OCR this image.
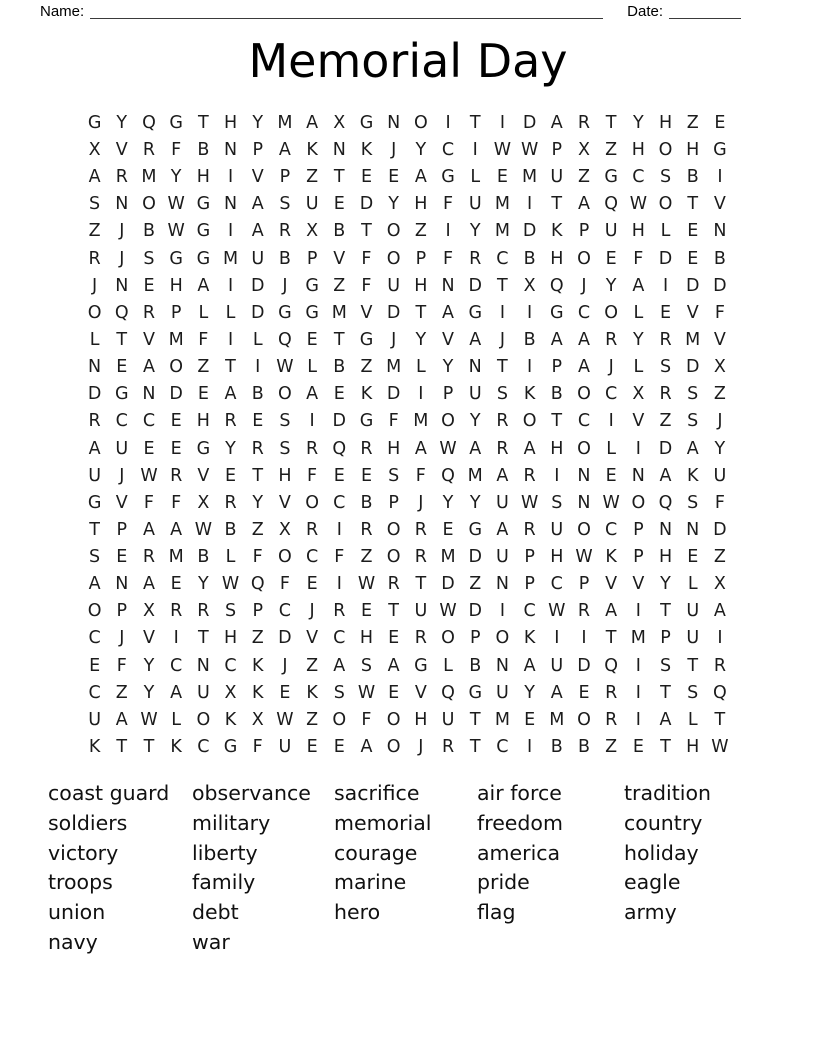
Name:	Date:
Memorial Day
G Y Q G T H Y M A X G N O	I	T	I	D A R T Y H Z E
X V R F B N P A K N K	J	Y C	I W W P X Z H O H G
A R M Y H	I	V P Z T E E A G L E M U Z G C S B	I
S N O W G N A S U E D Y H F U M I	T A Q W O T V
Z	J	B W G	I	A R X B T O Z	I	Y M D K P U H L E N
R	J	S G G M U B P V F O P F R C B H O E F D E B
J	N E H A	I	D	J	G Z F U H N D T X Q	J	Y A	I	D D
O Q R P L L D G G M V D T A G	I	I	G C O L E V F
L T V M F	I	L Q E T G	J	Y V A	J	B A A R Y R M V
N E A O Z T	I W L B Z M L Y N T	I	P A	J	L S D X
D G N D E A B O A E K D	I	P U S K B O C X R S Z
R C C E H R E S	I	D G F M O Y R O T C	I	V Z S	J
A U E E G Y R S R Q R H A W A R A H O L	I	D A Y
U	J W R V E T H F E E S F Q M A R	I	N E N A K U
G V F F X R Y V O C B P	J	Y Y U W S N W O Q S F
T P A A W B Z X R	I	R O R E G A R U O C P N N D
S E R M B L F O C F Z O R M D U P H W K P H E Z
A N A E Y W Q F E	I W R T D Z N P C P V V Y L X
O P X R R S P C	J	R E T U W D	I	C W R A	I	T U A
C	J	V	I	T H Z D V C H E R O P O K	I	I	T M P U	I
E F Y C N C K	J	Z A S A G L B N A U D Q	I	S T R
C Z Y A U X K E K S W E V Q G U Y A E R	I	T S Q
U A W L O K X W Z O F O H U T M E M O R	I	A L T
K T T K C G F U E E A O	J	R T C	I	B B Z E T H W
coast guard
soldiers
victory
troops
union
navy
observance
military
liberty
family
debt
war
sacrifice
memorial
courage
marine
hero
air force
freedom
america
pride
flag
tradition
country
holiday
eagle
army
